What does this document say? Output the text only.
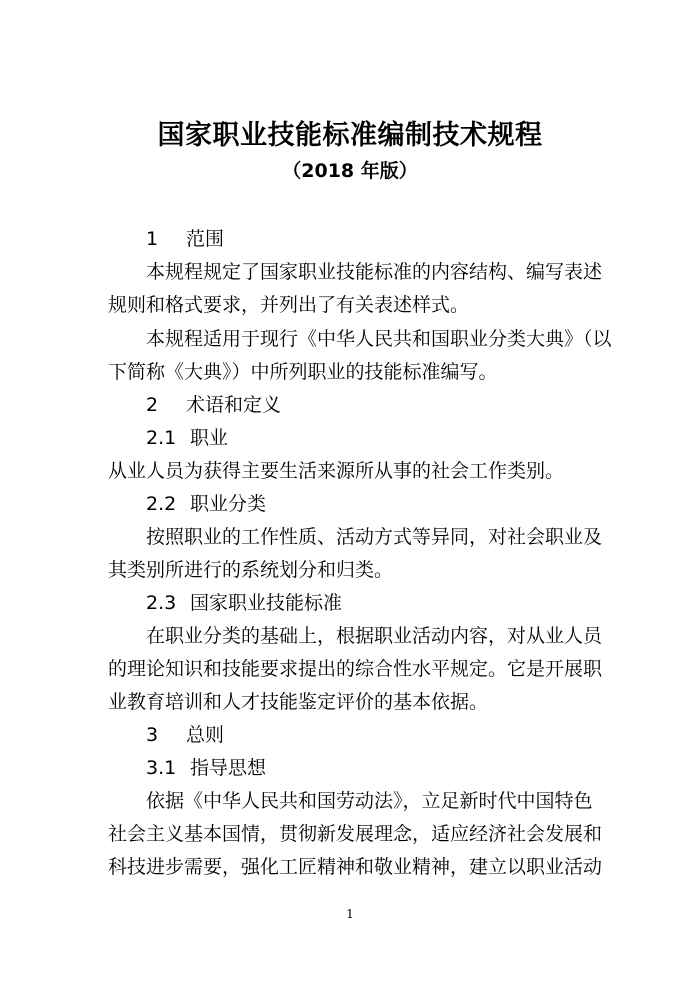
国家职业技能标准编制技术规程
（2018 年版）
1 范围
本规程规定了国家职业技能标准的内容结构、编写表述
规则和格式要求，并列出了有关表述样式。
本规程适用于现行《中华人民共和国职业分类大典》（以
下简称《大典》）中所列职业的技能标准编写。
2 术语和定义
2.1 职业
从业人员为获得主要生活来源所从事的社会工作类别。
2.2 职业分类
按照职业的工作性质、活动方式等异同，对社会职业及
其类别所进行的系统划分和归类。
2.3 国家职业技能标准
在职业分类的基础上，根据职业活动内容，对从业人员
的理论知识和技能要求提出的综合性水平规定。它是开展职
业教育培训和人才技能鉴定评价的基本依据。
3 总则
3.1 指导思想
依据《中华人民共和国劳动法》，立足新时代中国特色
社会主义基本国情，贯彻新发展理念，适应经济社会发展和
科技进步需要，强化工匠精神和敬业精神，建立以职业活动
1
